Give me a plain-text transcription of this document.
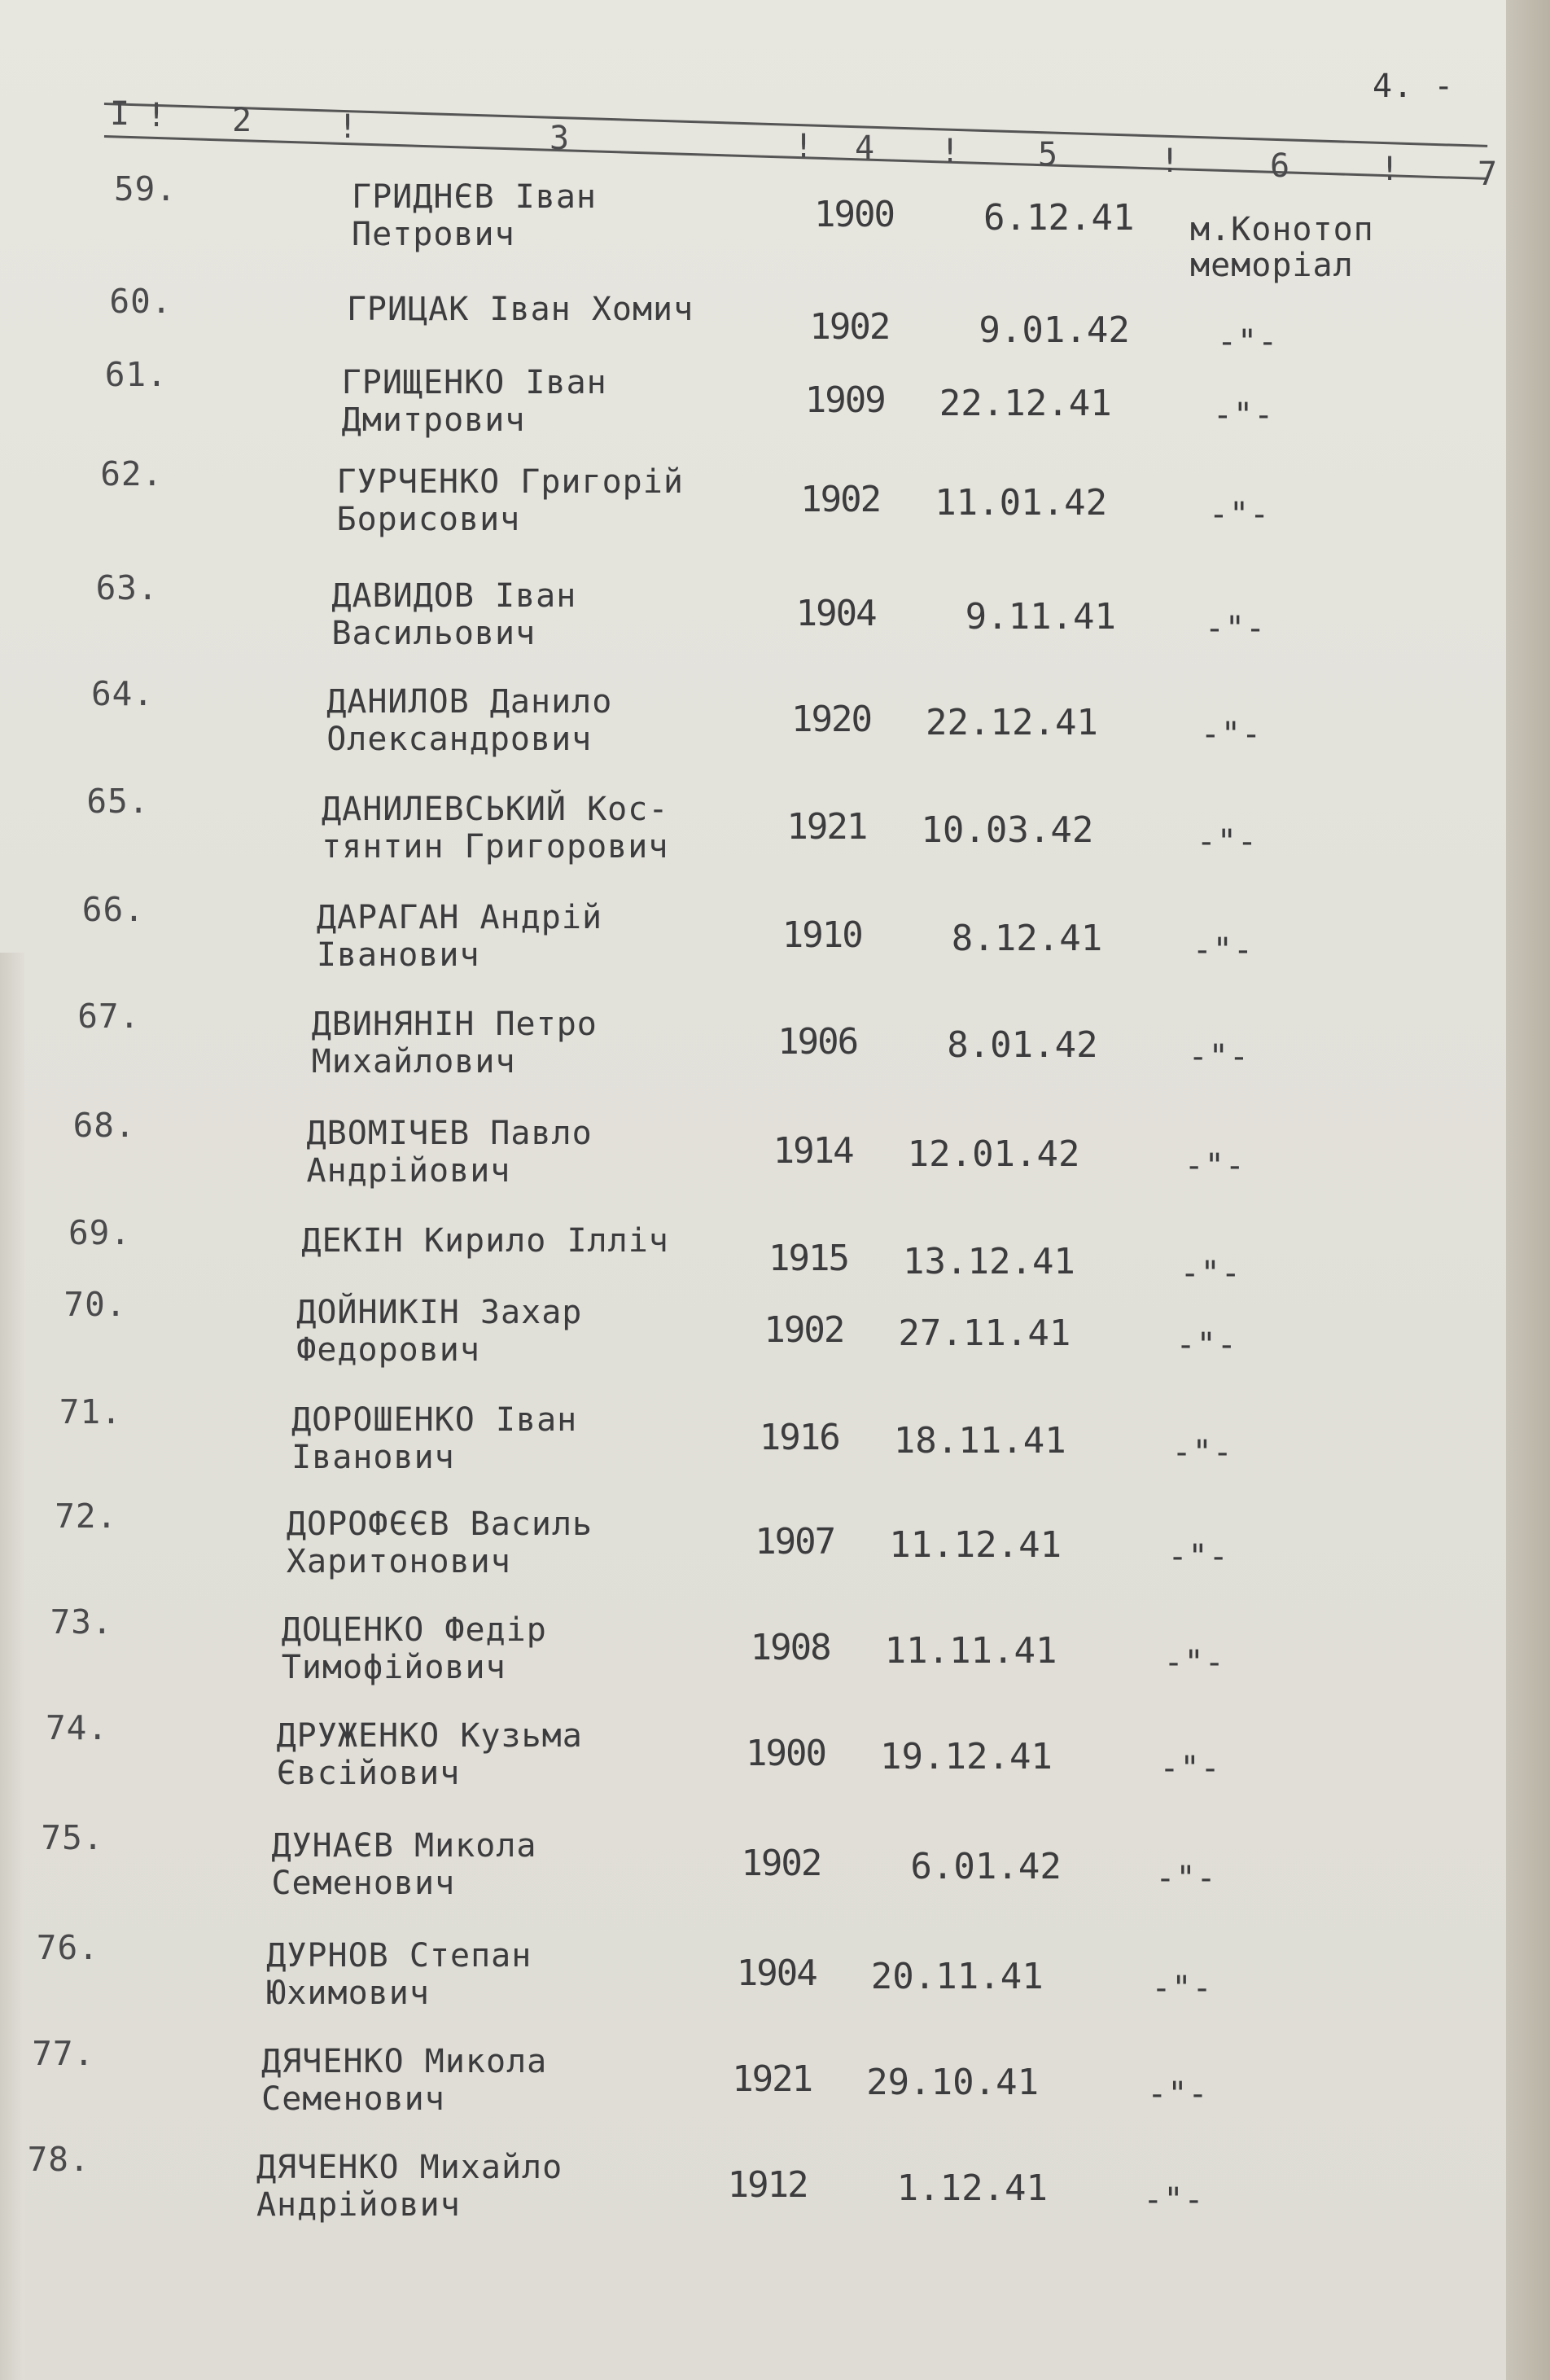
4. -
I	2	3	4	5	6	7
!	!
!	!	!	!
59.	ГРИДНЄВ Іван
Петрович	1900	6.12.41 м.Конотоп
меморіал
60.	ГРИЦАК Іван Хомич	1902	9.01.42	-"-
61.	ГРИЩЕНКО Іван
Дмитрович	1909 22.12.41	-"-
62.	ГУРЧЕНКО Григорій
Борисович	1902 11.01.42	-"-
63.	ДАВИДОВ Іван
Васильович	1904	9.11.41	-"-
64.	ДАНИЛОВ Данило
Олександрович	1920 22.12.41	-"-
65.	ДАНИЛЕВСЬКИЙ Кос-
тянтин Григорович	1921 10.03.42	-"-
66.	ДАРАГАН Андрій
Іванович	1910	8.12.41	-"-
67.	ДВИНЯНІН Петро
Михайлович	1906	8.01.42	-"-
68.	ДВОМІЧЕВ Павло
Андрійович	1914 12.01.42	-"-
69.	ДЕКІН Кирило Ілліч	1915 13.12.41	-"-
70.	ДОЙНИКІН Захар
Федорович	1902 27.11.41	-"-
71.	ДОРОШЕНКО Іван
Іванович	1916 18.11.41	-"-
72.	ДОРОФЄЄВ Василь
Харитонович	1907 11.12.41	-"-
73.	ДОЦЕНКО Федір
Тимофійович	1908 11.11.41	-"-
74.	ДРУЖЕНКО Кузьма
Євсійович	1900 19.12.41	-"-
75.	ДУНАЄВ Микола
Семенович	1902	6.01.42	-"-
76.	ДУРНОВ Степан
Юхимович	1904 20.11.41	-"-
77.	ДЯЧЕНКО Микола
Семенович	1921 29.10.41	-"-
78.	ДЯЧЕНКО Михайло
Андрійович	1912	1.12.41	-"-
